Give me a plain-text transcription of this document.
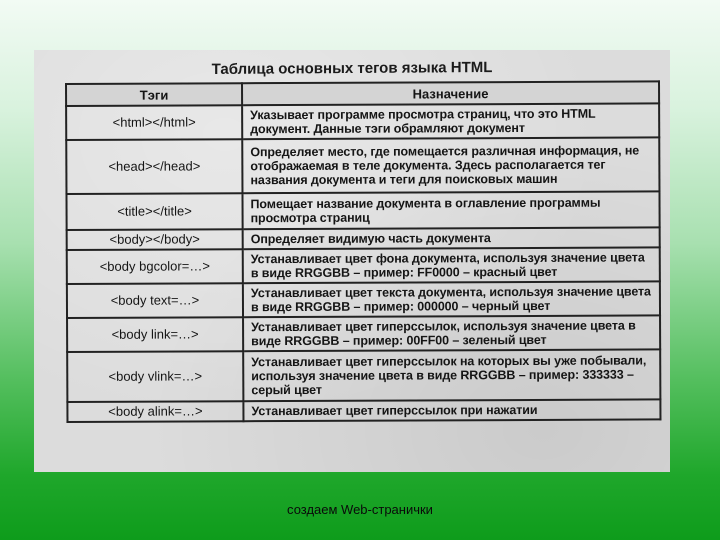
Таблица основных тегов языка HTML
Тэги	Назначение
<html></html>	Указывает программе просмотра страниц, что это HTML документ. Данные тэги обрамляют документ
<head></head>	Определяет место, где помещается различная информация, не отображаемая в теле документа. Здесь располагается тег названия документа и теги для поисковых машин
<title></title>	Помещает название документа в оглавление программы просмотра страниц
<body></body>	Определяет видимую часть документа
<body bgcolor=…>	Устанавливает цвет фона документа, используя значение цвета в виде RRGGBB – пример: FF0000 – красный цвет
<body text=…>	Устанавливает цвет текста документа, используя значение цвета в виде RRGGBB – пример: 000000 – черный цвет
<body link=…>	Устанавливает цвет гиперссылок, используя значение цвета в виде RRGGBB – пример: 00FF00 – зеленый цвет
<body vlink=…>	Устанавливает цвет гиперссылок на которых вы уже побывали, используя значение цвета в виде RRGGBB – пример: 333333 – серый цвет
<body alink=…>	Устанавливает цвет гиперссылок при нажатии
создаем Web-странички
